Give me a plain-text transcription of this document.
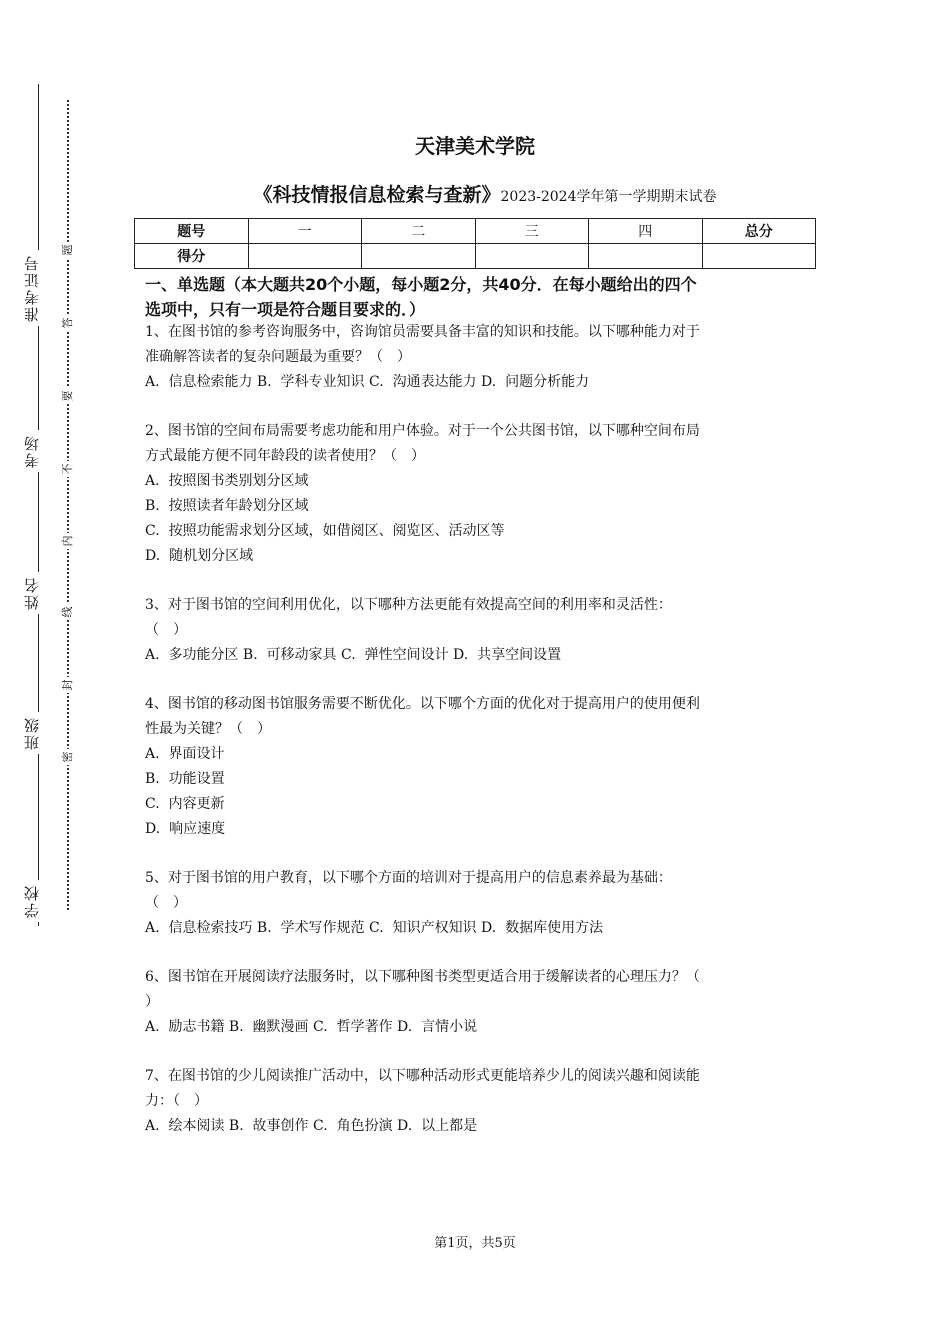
准考证号
考场
姓名
班级
学校
题
答
要
不
内
线
封
密
天津美术学院
《科技情报信息检索与查新》2023-2024学年第一学期期末试卷
题号	一	二	三	四	总分
得分					
一、单选题（本大题共20个小题，每小题2分，共40分．在每小题给出的四个
选项中，只有一项是符合题目要求的．）
1、在图书馆的参考咨询服务中，咨询馆员需要具备丰富的知识和技能。以下哪种能力对于
准确解答读者的复杂问题最为重要？（　）
A.  信息检索能力 B.  学科专业知识 C.  沟通表达能力 D.  问题分析能力
2、图书馆的空间布局需要考虑功能和用户体验。对于一个公共图书馆，以下哪种空间布局
方式最能方便不同年龄段的读者使用？（　）
A.  按照图书类别划分区域
B.  按照读者年龄划分区域
C.  按照功能需求划分区域，如借阅区、阅览区、活动区等
D.  随机划分区域
3、对于图书馆的空间利用优化，以下哪种方法更能有效提高空间的利用率和灵活性：
（　）
A.  多功能分区 B.  可移动家具 C.  弹性空间设计 D.  共享空间设置
4、图书馆的移动图书馆服务需要不断优化。以下哪个方面的优化对于提高用户的使用便利
性最为关键？（　）
A.  界面设计
B.  功能设置
C.  内容更新
D.  响应速度
5、对于图书馆的用户教育，以下哪个方面的培训对于提高用户的信息素养最为基础：
（　）
A.  信息检索技巧 B.  学术写作规范 C.  知识产权知识 D.  数据库使用方法
6、图书馆在开展阅读疗法服务时，以下哪种图书类型更适合用于缓解读者的心理压力？（
）
A.  励志书籍 B.  幽默漫画 C.  哲学著作 D.  言情小说
7、在图书馆的少儿阅读推广活动中，以下哪种活动形式更能培养少儿的阅读兴趣和阅读能
力：（　）
A.  绘本阅读 B.  故事创作 C.  角色扮演 D.  以上都是
第1页，共5页
